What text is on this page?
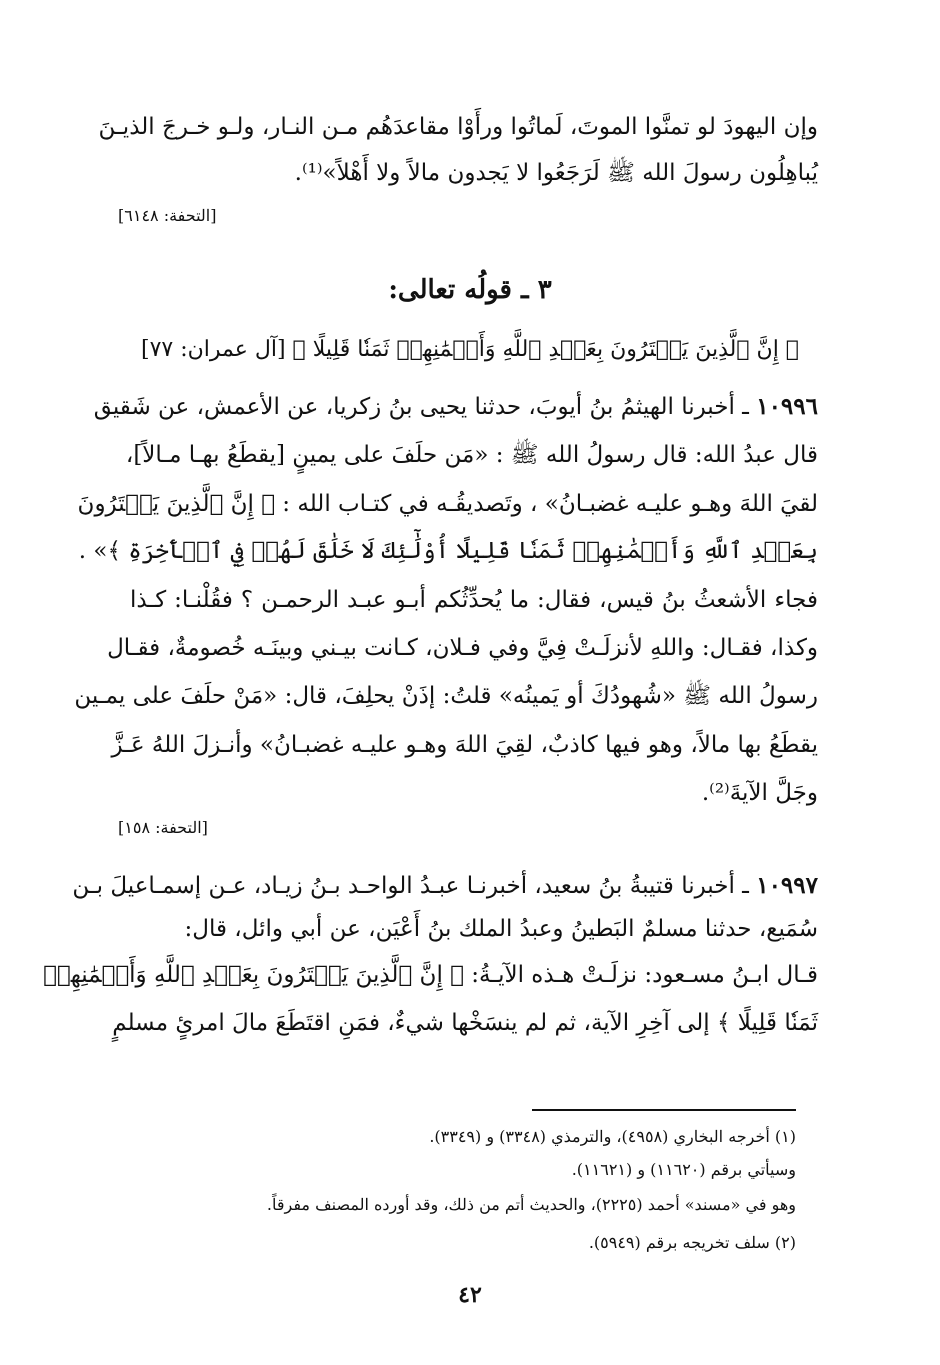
وإن اليهودَ لو تمنَّوا الموتَ، لَماتُوا ورأَوْا مقاعدَهُم مـن النـار، ولـو خـرجَ الذيـنَ
يُباهِلُون رسولَ الله ﷺ لَرَجَعُوا لا يَجدون مالاً ولا أَهْلاً»⁽¹⁾.
[التحفة: ٦١٤٨]
٣ ـ قولُه تعالى:
﴿ إِنَّ ٱلَّذِينَ يَشۡتَرُونَ بِعَهۡدِ ٱللَّهِ وَأَيۡمَٰنِهِمۡ ثَمَنٗا قَلِيلًا ﴾ [آل عمران: ٧٧]
١٠٩٩٦ ـ أخبرنا الهيثمُ بنُ أيوبَ، حدثنا يحيى بنُ زكريا، عن الأعمش، عن شَقيق
قال عبدُ الله: قال رسولُ الله ﷺ : «مَن حلَفَ على يمينٍ [يقطَعُ بهـا مـالاً]،
لقيَ اللهَ وهـو عليـه غضبـانُ» ، وتَصديقُـه في كتـاب الله : ﴿ إِنَّ ٱلَّذِينَ يَشۡتَرُونَ
بِعَهۡدِ ٱللَّهِ وَأَيۡمَٰنِهِمۡ ثَمَنٗا قَلِيلًا أُوْلَٰٓئِكَ لَا خَلَٰقَ لَهُمۡ فِي ٱلۡأٓخِرَةِ ﴾» .
فجاء الأشعثُ بنُ قيس، فقال: ما يُحدِّثُكم أبـو عبـد الرحمـن ؟ فقُلْنـا: كـذا
وكذا، فقـال: واللهِ لأنزلَـتْ فِيَّ وفي فـلان، كـانت بيـني وبينَـه خُصومةٌ، فقـال
رسولُ الله ﷺ «شُهودُكَ أو يَمينُه» قلتُ: إذَنْ يحلِفَ، قال: «مَنْ حلَفَ على يمـين
يقطَعُ بها مالاً، وهو فيها كاذبٌ، لقِيَ اللهَ وهـو عليـه غضبـانُ» وأنـزلَ اللهُ عَـزَّ
وجَلَّ الآيةَ⁽²⁾.
[التحفة: ١٥٨]
١٠٩٩٧ ـ أخبرنا قتيبةُ بنُ سعيد، أخبرنـا عبـدُ الواحـد بـنُ زيـاد، عـن إسمـاعيلَ بـن
سُمَيع، حدثنا مسلمٌ البَطينُ وعبدُ الملك بنُ أَعْيَن، عن أبي وائل، قال:
قـال ابـنُ مسـعود: نزلَـتْ هـذه الآيـةُ: ﴿ إِنَّ ٱلَّذِينَ يَشۡتَرُونَ بِعَهۡدِ ٱللَّهِ وَأَيۡمَٰنِهِمۡ
ثَمَنٗا قَلِيلًا ﴾ إلى آخِرِ الآية، ثم لم ينسَخْها شيءٌ، فمَنِ اقتَطَعَ مالَ امرئٍ مسلمٍ
(١) أخرجه البخاري (٤٩٥٨)، والترمذي (٣٣٤٨) و (٣٣٤٩).
وسيأتي برقم (١١٦٢٠) و (١١٦٢١).
وهو في «مسند» أحمد (٢٢٢٥)، والحديث أتم من ذلك، وقد أورده المصنف مفرقاً.
(٢) سلف تخريجه برقم (٥٩٤٩).
٤٢
